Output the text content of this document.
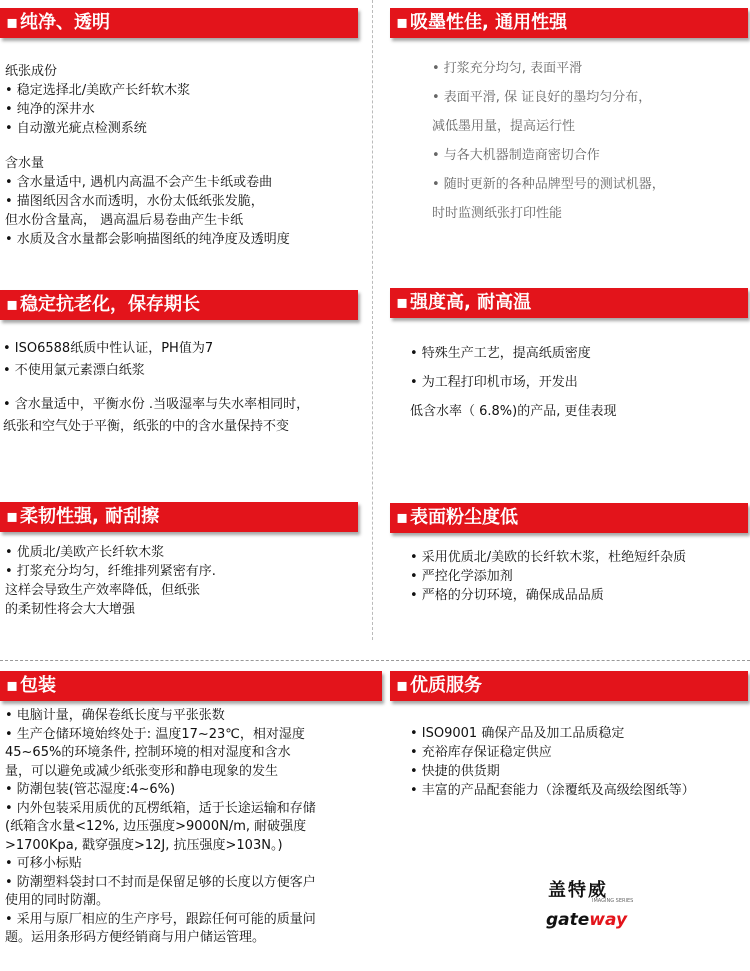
▪纯净、透明
纸张成份
• 稳定选择北/美欧产长纤软木浆
• 纯净的深井水
• 自动激光疵点检测系统
含水量
• 含水量适中, 遇机内高温不会产生卡纸或卷曲
• 描图纸因含水而透明，水份太低纸张发脆，
但水份含量高， 遇高温后易卷曲产生卡纸
• 水质及含水量都会影响描图纸的纯净度及透明度
▪吸墨性佳, 通用性强
• 打浆充分均匀, 表面平滑
• 表面平滑, 保 证良好的墨均匀分布，
减低墨用量，提高运行性
• 与各大机器制造商密切合作
• 随时更新的各种品牌型号的测试机器，
时时监测纸张打印性能
▪稳定抗老化，保存期长
• ISO6588纸质中性认证，PH值为7
• 不使用氯元素漂白纸浆
• 含水量适中，平衡水份 .当吸湿率与失水率相同时，
纸张和空气处于平衡，纸张的中的含水量保持不变
▪强度高, 耐高温
• 特殊生产工艺，提高纸质密度
• 为工程打印机市场，开发出
低含水率（ 6.8%)的产品, 更佳表现
▪柔韧性强, 耐刮擦
• 优质北/美欧产长纤软木浆
• 打浆充分均匀，纤维排列紧密有序.
这样会导致生产效率降低，但纸张
的柔韧性将会大大增强
▪表面粉尘度低
• 采用优质北/美欧的长纤软木浆，杜绝短纤杂质
• 严控化学添加剂
• 严格的分切环境，确保成品品质
▪包装
• 电脑计量，确保卷纸长度与平张张数
• 生产仓储环境始终处于: 温度17~23℃，相对湿度
45~65%的环境条件, 控制环境的相对湿度和含水
量，可以避免或减少纸张变形和静电现象的发生
• 防潮包装(管芯湿度:4~6%)
• 内外包装采用质优的瓦楞纸箱，适于长途运输和存储
(纸箱含水量<12%, 边压强度>9000N/m, 耐破强度
>1700Kpa, 戳穿强度>12J, 抗压强度>103N。)
• 可移小标贴
• 防潮塑料袋封口不封而是保留足够的长度以方便客户
使用的同时防潮。
• 采用与原厂相应的生产序号，跟踪任何可能的质量问
题。运用条形码方便经销商与用户储运管理。
▪优质服务
• ISO9001 确保产品及加工品质稳定
• 充裕库存保证稳定供应
• 快捷的供货期
• 丰富的产品配套能力（涂覆纸及高级绘图纸等）
盖特威
IMAGING SERIES
gateway
